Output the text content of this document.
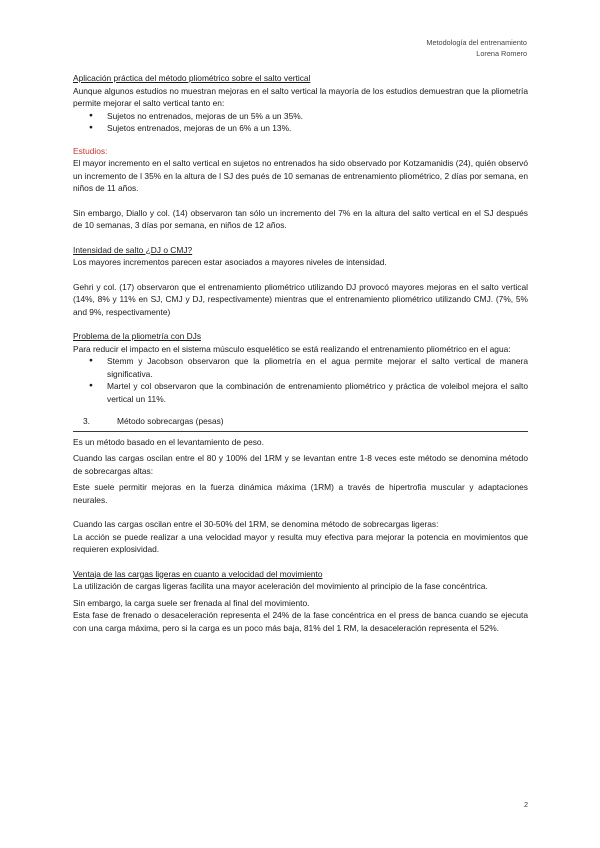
Metodología del entrenamiento
Lorena Romero

Aplicación práctica del método pliométrico sobre el salto vertical

Aunque algunos estudios no muestran mejoras en el salto vertical la mayoría de los estudios demuestran que la pliometría permite mejorar el salto vertical tanto en:

● Sujetos no entrenados, mejoras de un 5% a un 35%.
● Sujetos entrenados, mejoras de un 6% a un 13%.

Estudios:

El mayor incremento en el salto vertical en sujetos no entrenados ha sido observado por Kotzamanidis (24), quién observó un incremento de l 35% en la altura de l SJ des pués de 10 semanas de entrenamiento pliométrico, 2 días por semana, en niños de 11 años.

Sin embargo, Diallo y col. (14) observaron tan sólo un incremento del 7% en la altura del salto vertical en el SJ después de 10 semanas, 3 días por semana, en niños de 12 años.

Intensidad de salto ¿DJ o CMJ?

Los mayores incrementos parecen estar asociados a mayores niveles de intensidad.

Gehri y col. (17) observaron que el entrenamiento pliométrico utilizando DJ provocó mayores mejoras en el salto vertical (14%, 8% y 11% en SJ, CMJ y DJ, respectivamente) mientras que el entrenamiento pliométrico utilizando CMJ. (7%, 5% and 9%, respectivamente)

Problema de la pliometría con DJs

Para reducir el impacto en el sistema músculo esquelético se está realizando el entrenamiento pliométrico en el agua:

● Stemm y Jacobson observaron que la pliometría en el agua permite mejorar el salto vertical de manera significativa.
● Martel y col observaron que la combinación de entrenamiento pliométrico y práctica de voleibol mejora el salto vertical un 11%.
3.	Método sobrecargas (pesas)

Es un método basado en el levantamiento de peso.

Cuando las cargas oscilan entre el 80 y 100% del 1RM y se levantan entre 1-8 veces este método se denomina método de sobrecargas altas:

Este suele permitir mejoras en la fuerza dinámica máxima (1RM) a través de hipertrofia muscular y adaptaciones neurales.

Cuando las cargas oscilan entre el 30-50% del 1RM, se denomina método de sobrecargas ligeras:

La acción se puede realizar a una velocidad mayor y resulta muy efectiva para mejorar la potencia en movimientos que requieren explosividad.

Ventaja de las cargas ligeras en cuanto a velocidad del movimiento

La utilización de cargas ligeras facilita una mayor aceleración del movimiento al principio de la fase concéntrica.

Sin embargo, la carga suele ser frenada al final del movimiento.

Esta fase de frenado o desaceleración representa el 24% de la fase concéntrica en el press de banca cuando se ejecuta con una carga máxima, pero si la carga es un poco más baja, 81% del 1 RM, la desaceleración representa el 52%.

2
